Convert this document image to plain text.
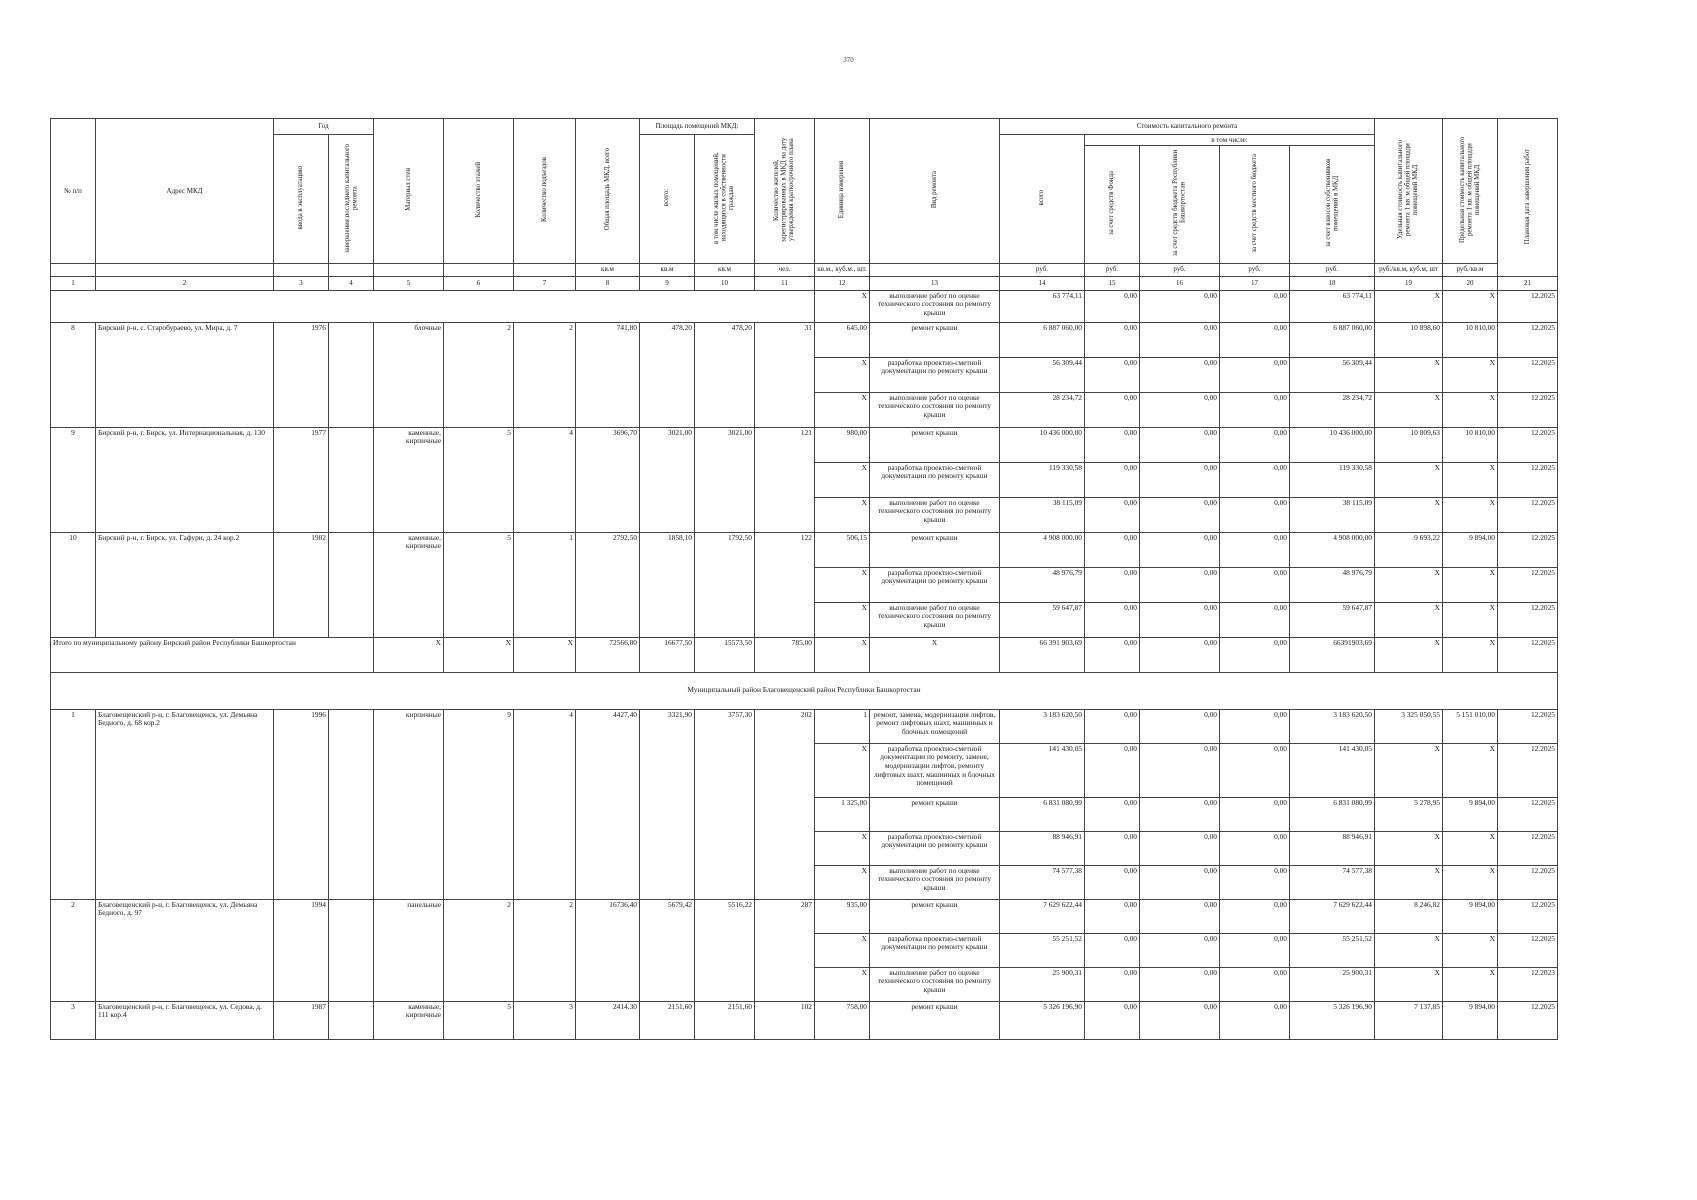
370
№ п/п	Адрес МКД	Год		Материал стен	Количество этажей	Количество подъездов	Общая площадь МКД, всего	Площадь помещений МКД:		Количество жителей, зарегистрированных в МКД на дату утверждения краткосрочного плана	Единица измерения	Вид ремонта	Стоимость капитального ремонта					Удельная стоимость капитального ремонта 1 кв. м общей площади помещений МКД	Предельная стоимость капитального ремонта 1 кв. м общей площади помещений МКД	Плановая дата завершения работ
		ввода в эксплуатацию	завершения последнего капитального ремонта					всего:	в том числе жилых помещений, находящихся в собственности граждан				всего	в том числе:						
														за счет средств Фонда	за счет средств бюджета Республики Башкортостан	за счет средств местного бюджета	за счет взносов собственников помещений в МКД			
							кв.м	кв.м	кв.м	чел.	кв.м., куб.м., шт.		руб.	руб.	руб.	руб.	руб.	руб./кв.м, куб.м, шт	руб./кв.м	
1	2	3	4	5	6	7	8	9	10	11	12	13	14	15	16	17	18	19	20	21
											X	выполнение работ по оценке технического состояния по ремонту крыши	63 774,11	0,00	0,00	0,00	63 774,11	X	X	12.2025
8	Бирский р-н, с. Старобураево, ул. Мира, д. 7	1976		блочные	2	2	741,80	478,20	478,20	31	645,00	ремонт крыши	6 887 060,00	0,00	0,00	0,00	6 887 060,00	10 898,60	10 810,00	12.2025
											X	разработка проектно-сметной документации по ремонту крыши	56 309,44	0,00	0,00	0,00	56 309,44	X	X	12.2025
											X	выполнение работ по оценке технического состояния по ремонту крыши	28 234,72	0,00	0,00	0,00	28 234,72	X	X	12.2025
9	Бирский р-н, г. Бирск, ул. Интернациональная, д. 130	1977		каменные, кирпичные	5	4	3696,70	3021,00	3021,00	121	980,00	ремонт крыши	10 436 000,00	0,00	0,00	0,00	10 436 000,00	10 809,63	10 810,00	12.2025
											X	разработка проектно-сметной документации по ремонту крыши	119 330,58	0,00	0,00	0,00	119 330,58	X	X	12.2025
											X	выполнение работ по оценке технического состояния по ремонту крыши	38 115,09	0,00	0,00	0,00	38 115,09	X	X	12.2025
10	Бирский р-н, г. Бирск, ул. Гафури, д. 24 кор.2	1982		каменные, кирпичные	5	1	2792,50	1858,10	1792,50	122	506,15	ремонт крыши	4 908 000,00	0,00	0,00	0,00	4 908 000,00	9 693,22	9 894,00	12.2025
											X	разработка проектно-сметной документации по ремонту крыши	48 976,79	0,00	0,00	0,00	48 976,79	X	X	12.2025
											X	выполнение работ по оценке технического состояния по ремонту крыши	59 647,87	0,00	0,00	0,00	59 647,87	X	X	12.2025
Итого по муниципальному району Бирский район Республики Башкортостан				X	X	X	72566,80	16677,50	15573,50	785,00	X	X	66 391 903,69	0,00	0,00	0,00	66391903,69	X	X	12.2025
Муниципальный район Благовещенский район Республики Башкортостан																				
1	Благовещенский р-н, г. Благовещенск, ул. Демьяна Бедного, д. 68 кор.2	1996		кирпичные	9	4	4427,40	3321,90	3757,30	202	1	ремонт, замена, модернизация лифтов, ремонт лифтовых шахт, машинных и блочных помещений	3 183 620,50	0,00	0,00	0,00	3 183 620,50	3 325 050,55	5 151 010,00	12.2025
											X	разработка проектно-сметной документации по ремонту, замене, модернизации лифтов, ремонту лифтовых шахт, машинных и блочных помещений	141 430,05	0,00	0,00	0,00	141 430,05	X	X	12.2025
											1 325,00	ремонт крыши	6 831 080,99	0,00	0,00	0,00	6 831 080,99	5 278,95	9 894,00	12.2025
											X	разработка проектно-сметной документации по ремонту крыши	88 946,91	0,00	0,00	0,00	88 946,91	X	X	12.2025
											X	выполнение работ по оценке технического состояния по ремонту крыши	74 577,38	0,00	0,00	0,00	74 577,38	X	X	12.2025
2	Благовещенский р-н, г. Благовещенск, ул. Демьяна Бедного, д. 97	1994		панельные	2	2	16736,40	5679,42	5516,22	287	935,00	ремонт крыши	7 629 622,44	0,00	0,00	0,00	7 629 622,44	8 246,82	9 894,00	12.2025
											X	разработка проектно-сметной документации по ремонту крыши	55 251,52	0,00	0,00	0,00	55 251,52	X	X	12.2025
											X	выполнение работ по оценке технического состояния по ремонту крыши	25 900,31	0,00	0,00	0,00	25 900,31	X	X	12.2023
3	Благовещенский р-н, г. Благовещенск, ул. Седова, д. 111 кор.4	1987		каменные, кирпичные	5	3	2414,30	2151,60	2151,60	102	758,00	ремонт крыши	5 326 196,90	0,00	0,00	0,00	5 326 196,90	7 137,85	9 894,00	12.2025
